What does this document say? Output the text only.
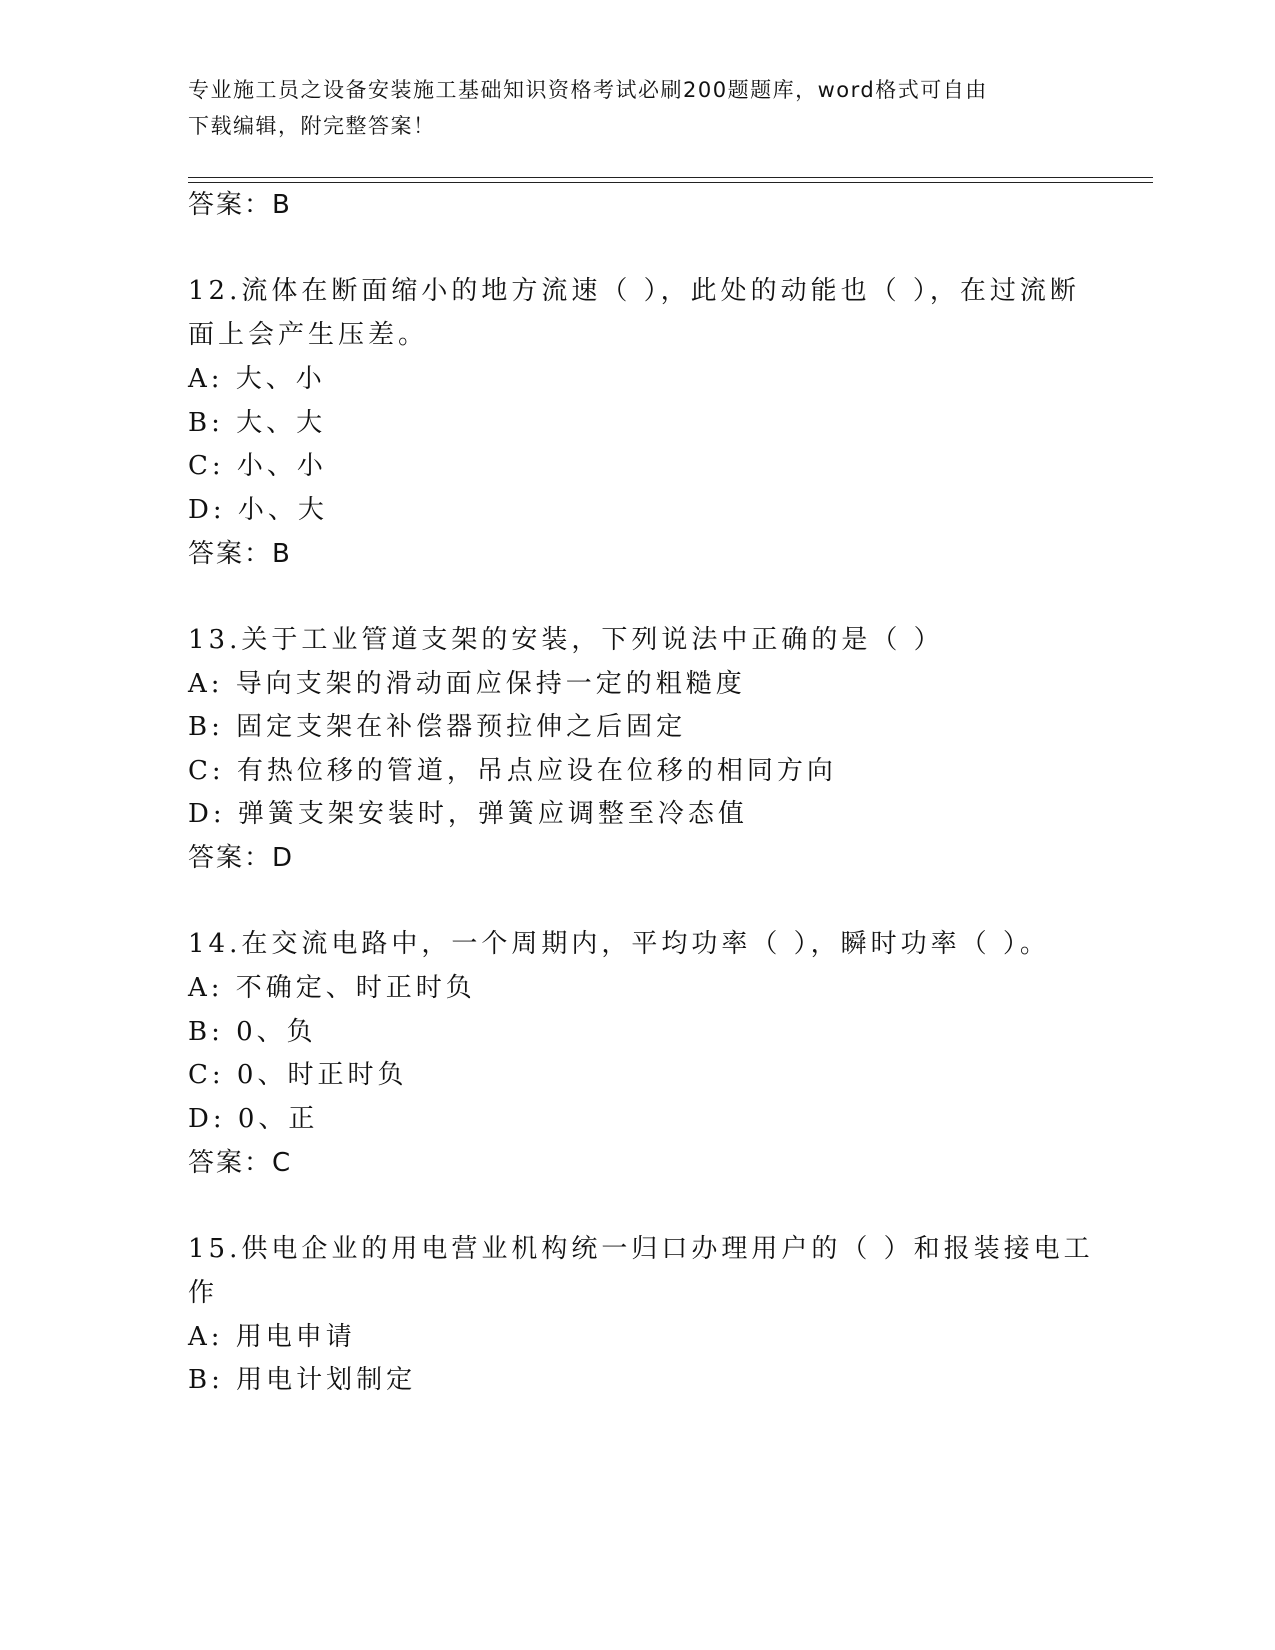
专业施工员之设备安装施工基础知识资格考试必刷200题题库，word格式可自由
下载编辑，附完整答案！
答案：B
12.流体在断面缩小的地方流速（ ），此处的动能也（ ），在过流断
面上会产生压差。
A: 大、小
B: 大、大
C: 小、小
D: 小、大
答案：B
13.关于工业管道支架的安装，下列说法中正确的是（ ）
A: 导向支架的滑动面应保持一定的粗糙度
B: 固定支架在补偿器预拉伸之后固定
C: 有热位移的管道，吊点应设在位移的相同方向
D: 弹簧支架安装时，弹簧应调整至冷态值
答案：D
14.在交流电路中，一个周期内，平均功率（ ），瞬时功率（ ）。
A: 不确定、时正时负
B: 0、负
C: 0、时正时负
D: 0、正
答案：C
15.供电企业的用电营业机构统一归口办理用户的（ ）和报装接电工
作
A: 用电申请
B: 用电计划制定
